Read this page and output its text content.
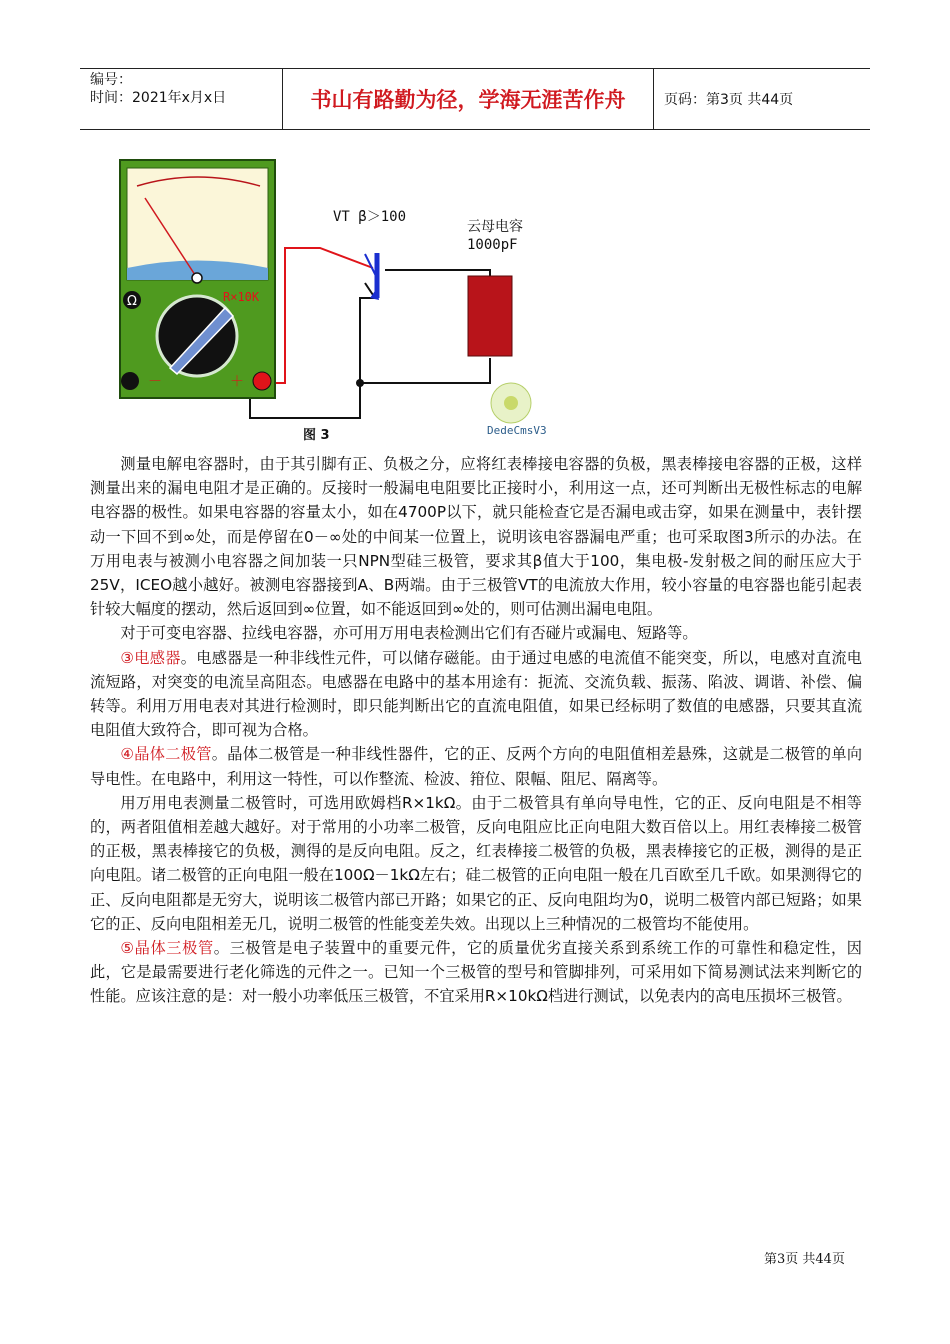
编号：
时间：2021年x月x日	书山有路勤为径，学海无涯苦作舟	页码：第3页 共44页
Ω	R×10K
－	＋
VT β＞100
云母电容
1000pF
DedeCmsV3
图 3

测量电解电容器时，由于其引脚有正、负极之分，应将红表棒接电容器的负极，黑表棒接电容器的正极，这样测量出来的漏电电阻才是正确的。反接时一般漏电电阻要比正接时小，利用这一点，还可判断出无极性标志的电解电容器的极性。如果电容器的容量太小，如在4700P以下，就只能检查它是否漏电或击穿，如果在测量中，表针摆动一下回不到∞处，而是停留在0－∞处的中间某一位置上，说明该电容器漏电严重；也可采取图3所示的办法。在万用电表与被测小电容器之间加装一只NPN型硅三极管，要求其β值大于100，集电极-发射极之间的耐压应大于25V，ICEO越小越好。被测电容器接到A、B两端。由于三极管VT的电流放大作用，较小容量的电容器也能引起表针较大幅度的摆动，然后返回到∞位置，如不能返回到∞处的，则可估测出漏电电阻。

对于可变电容器、拉线电容器，亦可用万用电表检测出它们有否碰片或漏电、短路等。

③电感器。电感器是一种非线性元件，可以储存磁能。由于通过电感的电流值不能突变，所以，电感对直流电流短路，对突变的电流呈高阻态。电感器在电路中的基本用途有：扼流、交流负载、振荡、陷波、调谐、补偿、偏转等。利用万用电表对其进行检测时，即只能判断出它的直流电阻值，如果已经标明了数值的电感器，只要其直流电阻值大致符合，即可视为合格。

④晶体二极管。晶体二极管是一种非线性器件，它的正、反两个方向的电阻值相差悬殊，这就是二极管的单向导电性。在电路中，利用这一特性，可以作整流、检波、箝位、限幅、阻尼、隔离等。

用万用电表测量二极管时，可选用欧姆档R×1kΩ。由于二极管具有单向导电性，它的正、反向电阻是不相等的，两者阻值相差越大越好。对于常用的小功率二极管，反向电阻应比正向电阻大数百倍以上。用红表棒接二极管的正极，黑表棒接它的负极，测得的是反向电阻。反之，红表棒接二极管的负极，黑表棒接它的正极，测得的是正向电阻。诸二极管的正向电阻一般在100Ω－1kΩ左右；硅二极管的正向电阻一般在几百欧至几千欧。如果测得它的正、反向电阻都是无穷大，说明该二极管内部已开路；如果它的正、反向电阻均为0，说明二极管内部已短路；如果它的正、反向电阻相差无几，说明二极管的性能变差失效。出现以上三种情况的二极管均不能使用。

⑤晶体三极管。三极管是电子装置中的重要元件，它的质量优劣直接关系到系统工作的可靠性和稳定性，因此，它是最需要进行老化筛选的元件之一。已知一个三极管的型号和管脚排列，可采用如下简易测试法来判断它的性能。应该注意的是：对一般小功率低压三极管，不宜采用R×10kΩ档进行测试，以免表内的高电压损坏三极管。

第3页 共44页
